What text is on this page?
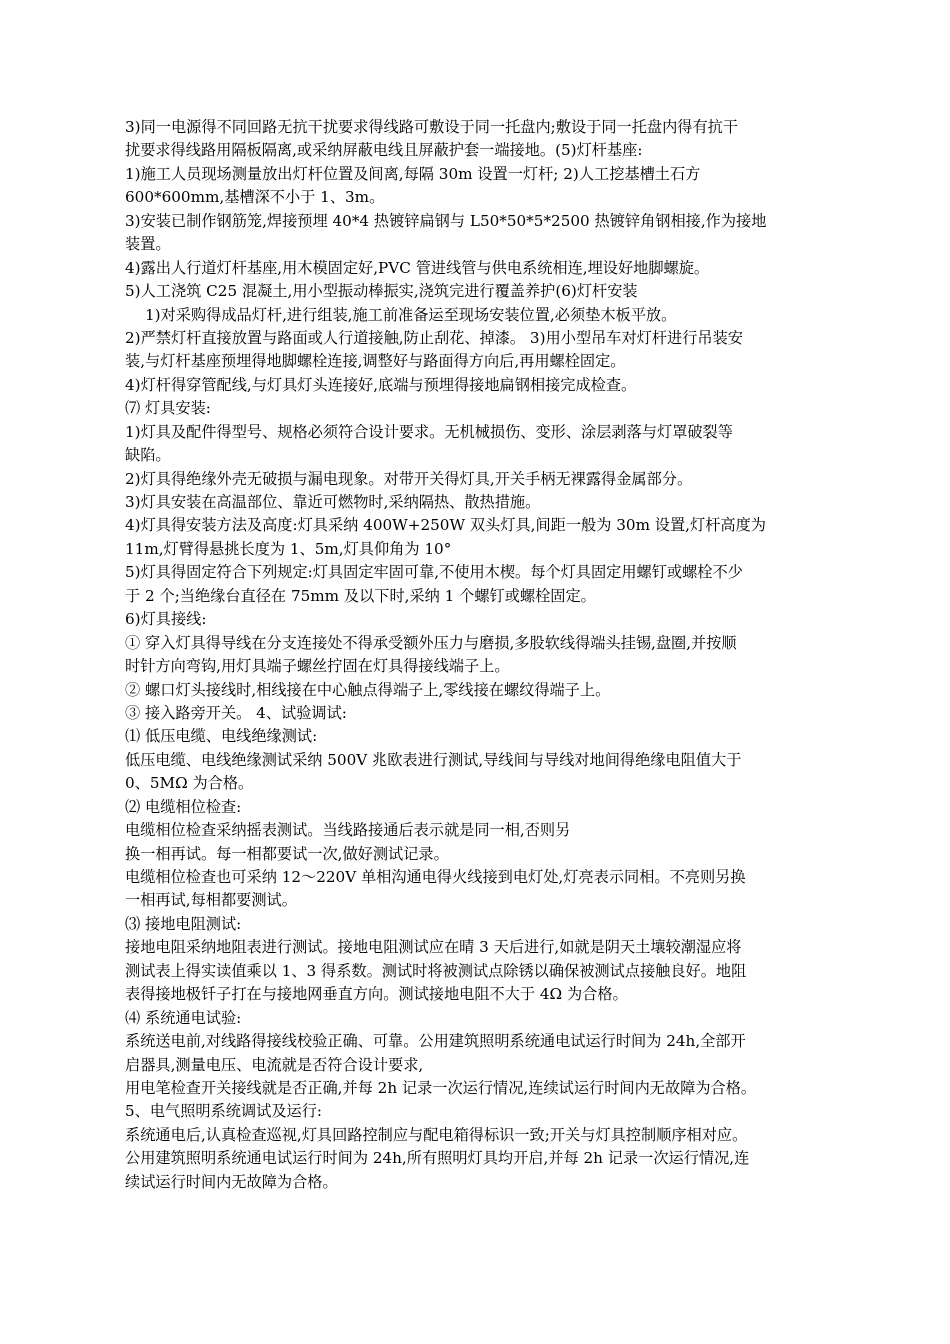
3)同一电源得不同回路无抗干扰要求得线路可敷设于同一托盘内;敷设于同一托盘内得有抗干
扰要求得线路用隔板隔离,或采纳屏蔽电线且屏蔽护套一端接地。(5)灯杆基座:
1)施工人员现场测量放出灯杆位置及间离,每隔 30m 设置一灯杆; 2)人工挖基槽土石方
600*600mm,基槽深不小于 1、3m。
3)安装已制作钢筋笼,焊接预埋 40*4 热镀锌扁钢与 L50*50*5*2500 热镀锌角钢相接,作为接地
装置。
4)露出人行道灯杆基座,用木模固定好,PVC 管进线管与供电系统相连,埋设好地脚螺旋。
5)人工浇筑 C25 混凝土,用小型振动棒振实,浇筑完进行覆盖养护(6)灯杆安装
1)对采购得成品灯杆,进行组装,施工前准备运至现场安装位置,必须垫木板平放。
2)严禁灯杆直接放置与路面或人行道接触,防止刮花、掉漆。 3)用小型吊车对灯杆进行吊装安
装,与灯杆基座预埋得地脚螺栓连接,调整好与路面得方向后,再用螺栓固定。
4)灯杆得穿管配线,与灯具灯头连接好,底端与预埋得接地扁钢相接完成检查。
⑺ 灯具安装:
1)灯具及配件得型号、规格必须符合设计要求。无机械损伤、变形、涂层剥落与灯罩破裂等
缺陷。
2)灯具得绝缘外壳无破损与漏电现象。对带开关得灯具,开关手柄无裸露得金属部分。
3)灯具安装在高温部位、靠近可燃物时,采纳隔热、散热措施。
4)灯具得安装方法及高度:灯具采纳 400W+250W 双头灯具,间距一般为 30m 设置,灯杆高度为
11m,灯臂得悬挑长度为 1、5m,灯具仰角为 10°
5)灯具得固定符合下列规定:灯具固定牢固可靠,不使用木楔。每个灯具固定用螺钉或螺栓不少
于 2 个;当绝缘台直径在 75mm 及以下时,采纳 1 个螺钉或螺栓固定。
6)灯具接线:
① 穿入灯具得导线在分支连接处不得承受额外压力与磨损,多股软线得端头挂锡,盘圈,并按顺
时针方向弯钩,用灯具端子螺丝拧固在灯具得接线端子上。
② 螺口灯头接线时,相线接在中心触点得端子上,零线接在螺纹得端子上。
③ 接入路旁开关。 4、试验调试:
⑴ 低压电缆、电线绝缘测试:
低压电缆、电线绝缘测试采纳 500V 兆欧表进行测试,导线间与导线对地间得绝缘电阻值大于
0、5MΩ 为合格。
⑵ 电缆相位检查:
电缆相位检查采纳摇表测试。当线路接通后表示就是同一相,否则另
换一相再试。每一相都要试一次,做好测试记录。
电缆相位检查也可采纳 12～220V 单相沟通电得火线接到电灯处,灯亮表示同相。不亮则另换
一相再试,每相都要测试。
⑶ 接地电阻测试:
接地电阻采纳地阻表进行测试。接地电阻测试应在晴 3 天后进行,如就是阴天土壤较潮湿应将
测试表上得实读值乘以 1、3 得系数。测试时将被测试点除锈以确保被测试点接触良好。地阻
表得接地极钎子打在与接地网垂直方向。测试接地电阻不大于 4Ω 为合格。
⑷ 系统通电试验:
系统送电前,对线路得接线校验正确、可靠。公用建筑照明系统通电试运行时间为 24h,全部开
启器具,测量电压、电流就是否符合设计要求,
用电笔检查开关接线就是否正确,并每 2h 记录一次运行情况,连续试运行时间内无故障为合格。
5、电气照明系统调试及运行:
系统通电后,认真检查巡视,灯具回路控制应与配电箱得标识一致;开关与灯具控制顺序相对应。
公用建筑照明系统通电试运行时间为 24h,所有照明灯具均开启,并每 2h 记录一次运行情况,连
续试运行时间内无故障为合格。
